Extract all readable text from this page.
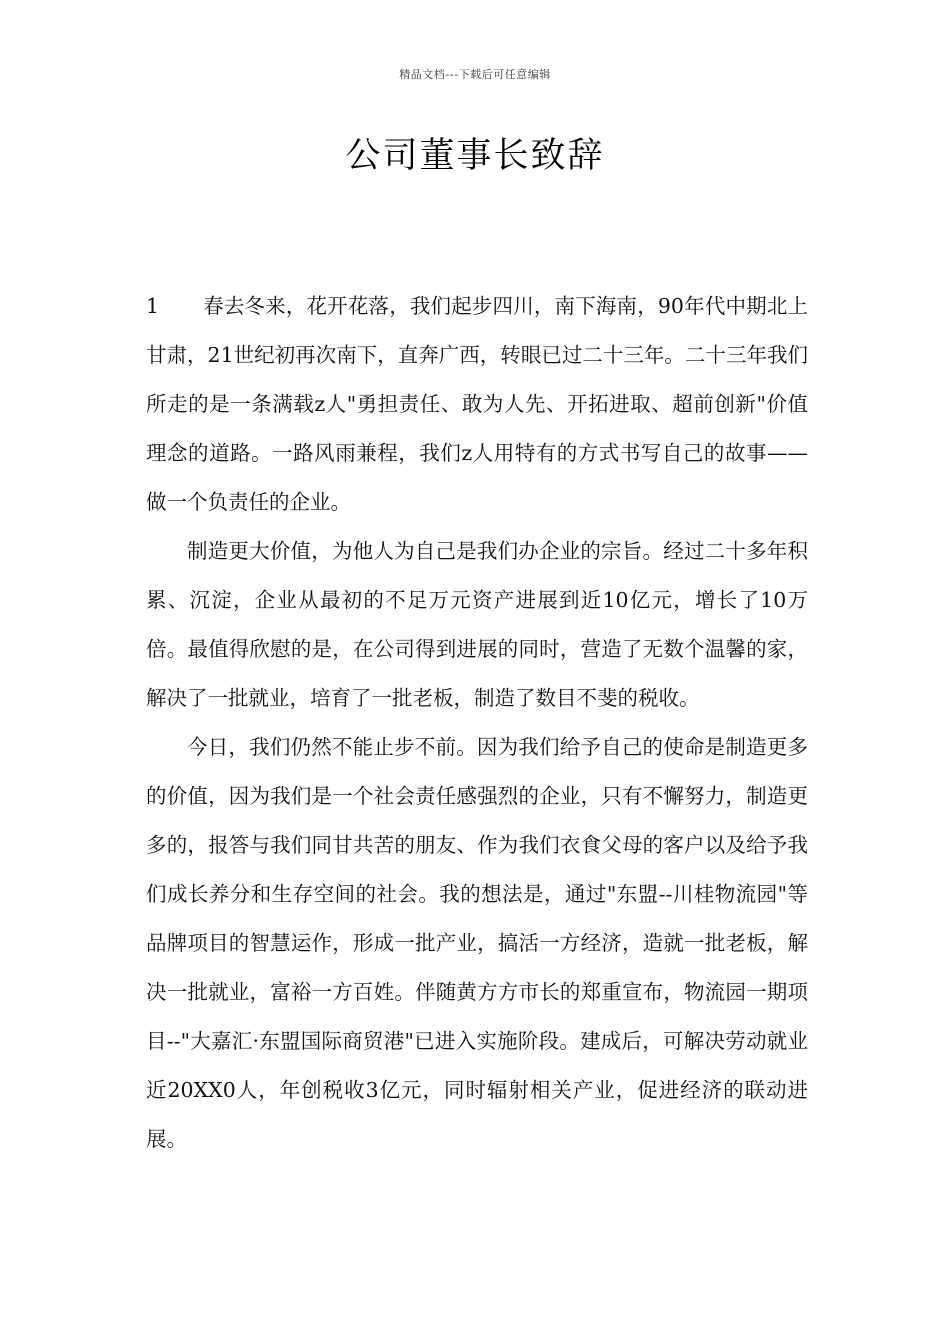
精品文档---下载后可任意编辑
公司董事长致辞

1 春去冬来，花开花落，我们起步四川，南下海南，90年代中期北上甘肃，21世纪初再次南下，直奔广西，转眼已过二十三年。二十三年我们所走的是一条满载z人"勇担责任、敢为人先、开拓进取、超前创新"价值理念的道路。一路风雨兼程，我们z人用特有的方式书写自己的故事——做一个负责任的企业。

制造更大价值，为他人为自己是我们办企业的宗旨。经过二十多年积累、沉淀，企业从最初的不足万元资产进展到近10亿元，增长了10万倍。最值得欣慰的是，在公司得到进展的同时，营造了无数个温馨的家，解决了一批就业，培育了一批老板，制造了数目不斐的税收。

今日，我们仍然不能止步不前。因为我们给予自己的使命是制造更多的价值，因为我们是一个社会责任感强烈的企业，只有不懈努力，制造更多的，报答与我们同甘共苦的朋友、作为我们衣食父母的客户以及给予我们成长养分和生存空间的社会。我的想法是，通过"东盟--川桂物流园"等品牌项目的智慧运作，形成一批产业，搞活一方经济，造就一批老板，解决一批就业，富裕一方百姓。伴随黄方方市长的郑重宣布，物流园一期项目--"大嘉汇·东盟国际商贸港"已进入实施阶段。建成后，可解决劳动就业近20XX0人，年创税收3亿元，同时辐射相关产业，促进经济的联动进展。
